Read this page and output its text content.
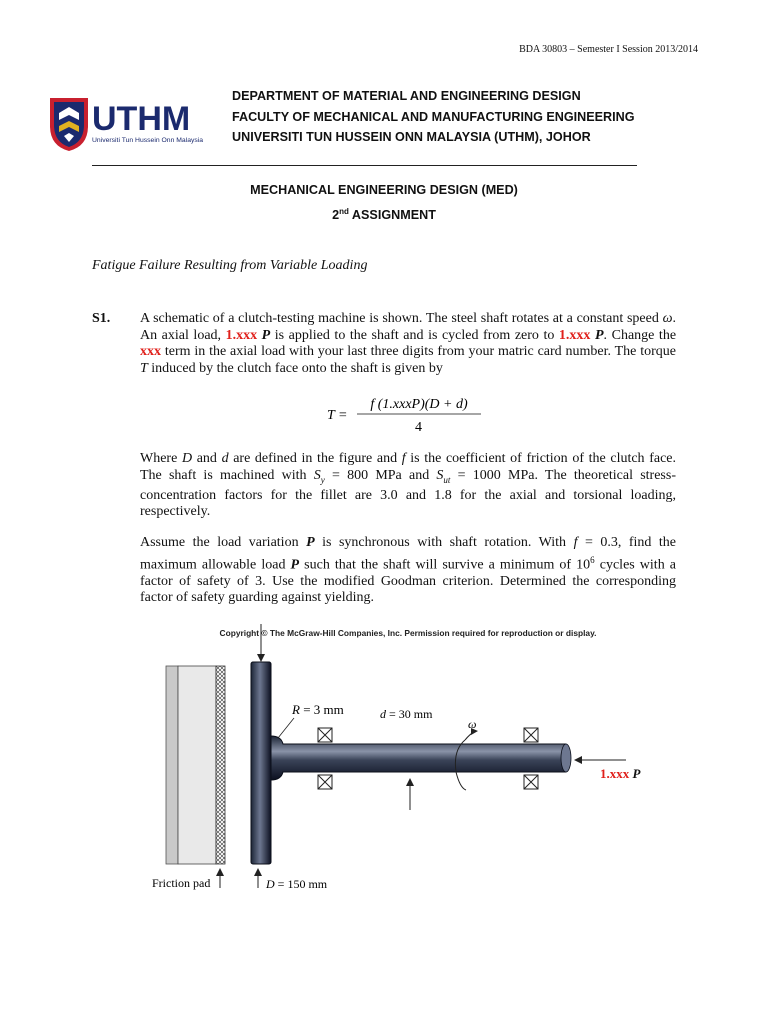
BDA 30803 – Semester I Session 2013/2014
UTHM
Universiti Tun Hussein Onn Malaysia
DEPARTMENT OF MATERIAL AND ENGINEERING DESIGN
FACULTY OF MECHANICAL AND MANUFACTURING ENGINEERING
UNIVERSITI TUN HUSSEIN ONN MALAYSIA (UTHM), JOHOR
MECHANICAL ENGINEERING DESIGN (MED)
2nd ASSIGNMENT
Fatigue Failure Resulting from Variable Loading
S1. A schematic of a clutch-testing machine is shown. The steel shaft rotates at a constant speed ω. An axial load, 1.xxx P is applied to the shaft and is cycled from zero to 1.xxx P. Change the xxx term in the axial load with your last three digits from your matric card number. The torque T induced by the clutch face onto the shaft is given by
T =
f (1.xxxP)(D + d)
4
Where D and d are defined in the figure and f is the coefficient of friction of the clutch face. The shaft is machined with $S_y = 800$ MPa and $S_{ut} = 1000$ MPa. The theoretical stress-concentration factors for the fillet are 3.0 and 1.8 for the axial and torsional loading, respectively.
Assume the load variation P is synchronous with shaft rotation. With f = 0.3, find the maximum allowable load P such that the shaft will survive a minimum of $10^6$ cycles with a factor of safety of 3. Use the modified Goodman criterion. Determined the corresponding factor of safety guarding against yielding.
Copyright © The McGraw-Hill Companies, Inc. Permission required for reproduction or display.
ω
R = 3 mm	d = 30 mm
1.xxx P
Friction pad	D = 150 mm
